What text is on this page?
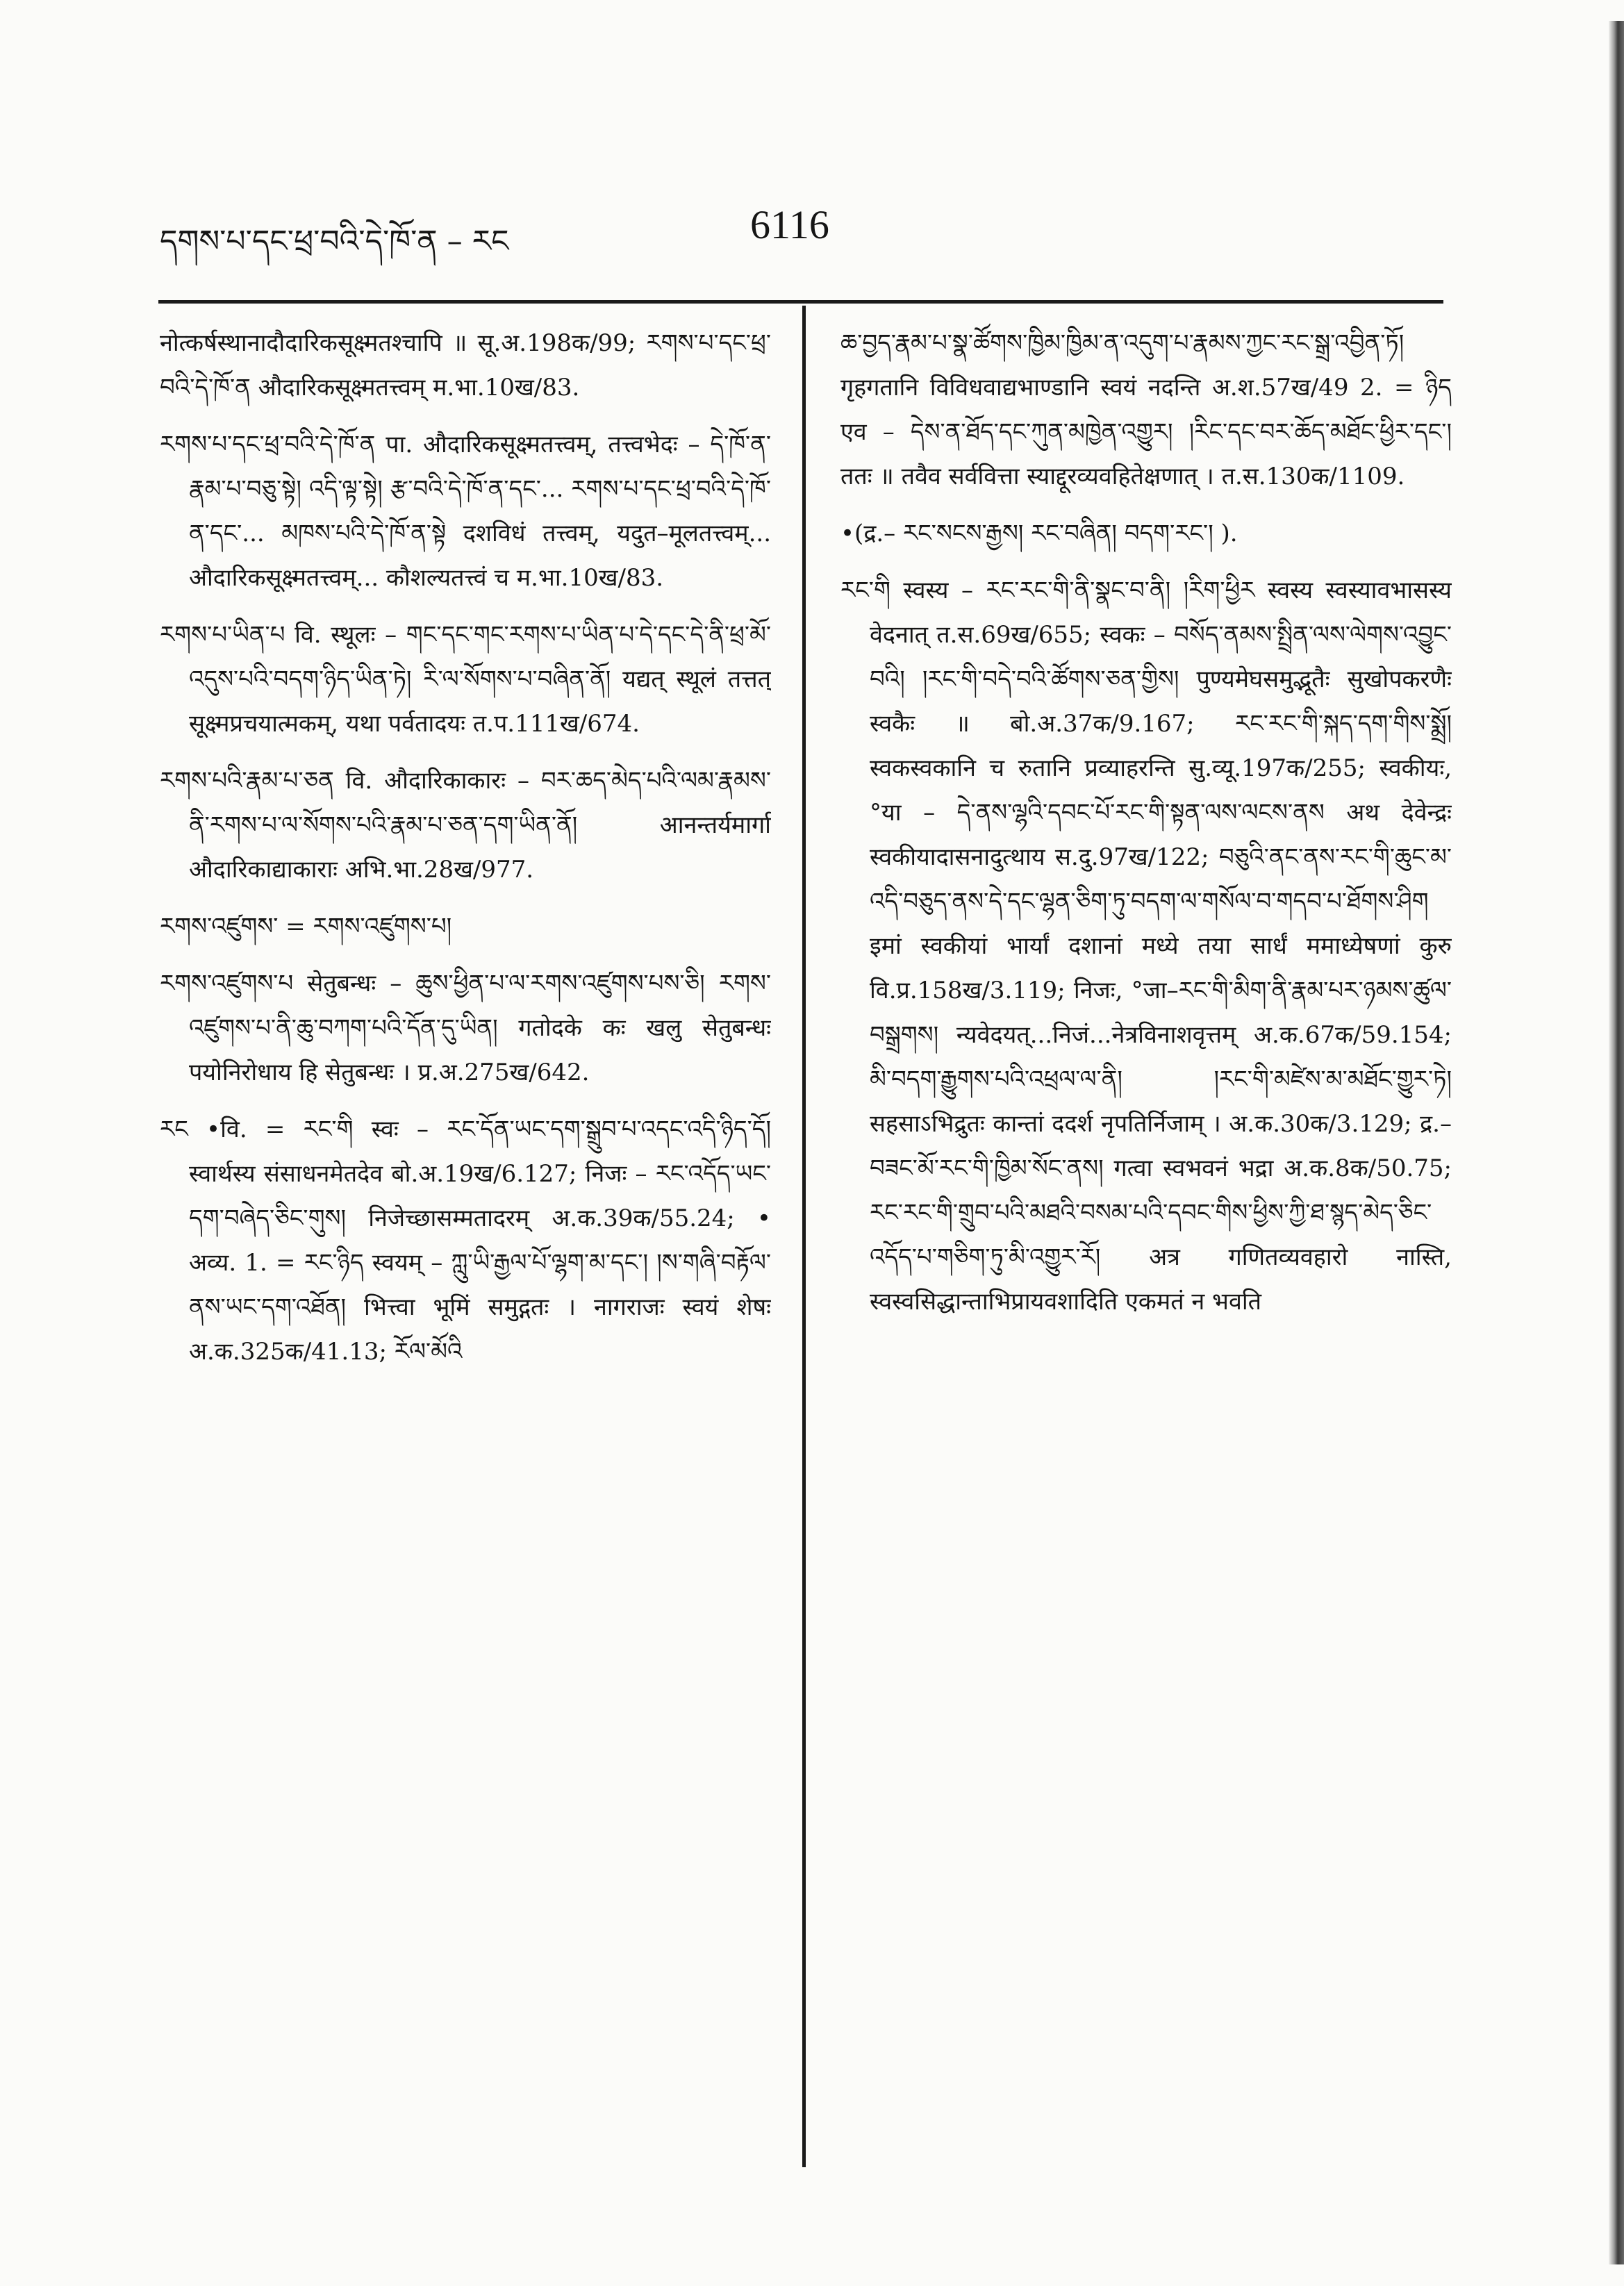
དགས་པ་དང་ཕྲ་བའི་དེ་ཁོ་ན – རང	6116

नोत्कर्षस्थानादौदारिकसूक्ष्मतश्चापि ॥ सू.अ.198क/99; རགས་པ་དང་ཕྲ་བའི་དེ་ཁོ་ན औदारिकसूक्ष्मतत्त्वम् म.भा.10ख/83.

རགས་པ་དང་ཕྲ་བའི་དེ་ཁོ་ན पा. औदारिकसूक्ष्मतत्त्वम्, तत्त्वभेदः – དེ་ཁོ་ན་རྣམ་པ་བཅུ་སྟེ། འདི་ལྟ་སྟེ། རྩ་བའི་དེ་ཁོ་ན་དང་... རགས་པ་དང་ཕྲ་བའི་དེ་ཁོ་ན་དང་... མཁས་པའི་དེ་ཁོ་ན་སྟེ दशविधं तत्त्वम्, यदुत–मूलतत्त्वम्... औदारिकसूक्ष्मतत्त्वम्... कौशल्यतत्त्वं च म.भा.10ख/83.

རགས་པ་ཡིན་པ वि. स्थूलः – གང་དང་གང་རགས་པ་ཡིན་པ་དེ་དང་དེ་ནི་ཕྲ་མོ་འདུས་པའི་བདག་ཉིད་ཡིན་ཏེ། རི་ལ་སོགས་པ་བཞིན་ནོ། यद्यत् स्थूलं तत्तत् सूक्ष्मप्रचयात्मकम्, यथा पर्वतादयः त.प.111ख/674.

རགས་པའི་རྣམ་པ་ཅན वि. औदारिकाकारः – བར་ཆད་མེད་པའི་ལམ་རྣམས་ནི་རགས་པ་ལ་སོགས་པའི་རྣམ་པ་ཅན་དག་ཡིན་ནོ། आनन्तर्यमार्गा औदारिकाद्याकाराः अभि.भा.28ख/977.

རགས་འཛུགས་ = རགས་འཛུགས་པ།

རགས་འཛུགས་པ सेतुबन्धः – ཆུས་ཕྱིན་པ་ལ་རགས་འཛུགས་པས་ཅི། རགས་འཛུགས་པ་ནི་ཆུ་བཀག་པའི་དོན་དུ་ཡིན། गतोदके कः खलु सेतुबन्धः पयोनिरोधाय हि सेतुबन्धः । प्र.अ.275ख/642.

རང •वि. = རང་གི स्वः – རང་དོན་ཡང་དག་སྒྲུབ་པ་འདང་འདི་ཉིད་དོ། स्वार्थस्य संसाधनमेतदेव बो.अ.19ख/6.127; निजः – རང་འདོད་ཡང་དག་བཞེད་ཅིང་གུས། निजेच्छासम्मतादरम् अ.क.39क/55.24; • अव्य. 1. = རང་ཉིད स्वयम् – ཀླུ་ཡི་རྒྱལ་པོ་ལྷག་མ་དང་། །ས་གཞི་བརྟོལ་ནས་ཡང་དག་འཐོན། भित्त्वा भूमिं समुद्गतः । नागराजः स्वयं शेषः अ.क.325क/41.13; རོལ་མོའི

ཆ་བྱད་རྣམ་པ་སྣ་ཚོགས་ཁྱིམ་ཁྱིམ་ན་འདུག་པ་རྣམས་ཀྱང་རང་སྒྲ་འབྱིན་ཏོ། गृहगतानि विविधवाद्यभाण्डानि स्वयं नदन्ति अ.श.57ख/49 2. = ཉིད एव – དེས་ན་ཐོད་དང་ཀུན་མཁྱེན་འགྱུར། །རིང་དང་བར་ཆོད་མཐོང་ཕྱིར་དང་། ततः ॥ तवैव सर्ववित्ता स्याद्दूरव्यवहितेक्षणात् । त.स.130क/1109.

•(द्र.– རང་སངས་རྒྱས། རང་བཞིན། བདག་རང་། ).

རང་གི स्वस्य – རང་རང་གི་ནི་སྣང་བ་ནི། །རིག་ཕྱིར स्वस्य स्वस्यावभासस्य वेदनात् त.स.69ख/655; स्वकः – བསོད་ནམས་སྤྲིན་ལས་ལེགས་འབྱུང་བའི། །རང་གི་བདེ་བའི་ཚོགས་ཅན་གྱིས། पुण्यमेघसमुद्भूतैः सुखोपकरणैः स्वकैः ॥ बो.अ.37क/9.167; རང་རང་གི་སྐད་དག་གིས་སྨྲོ། स्वकस्वकानि च रुतानि प्रव्याहरन्ति सु.व्यू.197क/255; स्वकीयः, °या – དེ་ནས་ལྷའི་དབང་པོ་རང་གི་སྟན་ལས་ལངས་ནས अथ देवेन्द्रः स्वकीयादासनादुत्थाय स.दु.97ख/122; བཅུའི་ནང་ནས་རང་གི་ཆུང་མ་འདི་བཅུད་ནས་དེ་དང་ལྷན་ཅིག་ཏུ་བདག་ལ་གསོལ་བ་གདབ་པ་ཐོགས་ཤིག इमां स्वकीयां भार्यां दशानां मध्ये तया सार्धं ममाध्येषणां कुरु वि.प्र.158ख/3.119; निजः, °जा–རང་གི་མིག་ནི་རྣམ་པར་ཉམས་ཚུལ་བསྒྲགས། न्यवेदयत्...निजं...नेत्रविनाशवृत्तम् अ.क.67क/59.154; མི་བདག་རྒྱུགས་པའི་འཕྲལ་ལ་ནི། །རང་གི་མཛེས་མ་མཐོང་གྱུར་ཏེ། सहसाऽभिद्रुतः कान्तां ददर्श नृपतिर्निजाम् । अ.क.30क/3.129; द्र.– བཟང་མོ་རང་གི་ཁྱིམ་སོང་ནས། गत्वा स्वभवनं भद्रा अ.क.8क/50.75; རང་རང་གི་གྲུབ་པའི་མཐའི་བསམ་པའི་དབང་གིས་ཕྱིས་ཀྱི་ཐ་སྙད་མེད་ཅིང་འདོད་པ་གཅིག་ཏུ་མི་འགྱུར་རོ། अत्र गणितव्यवहारो नास्ति, स्वस्वसिद्धान्ताभिप्रायवशादिति एकमतं न भवति
